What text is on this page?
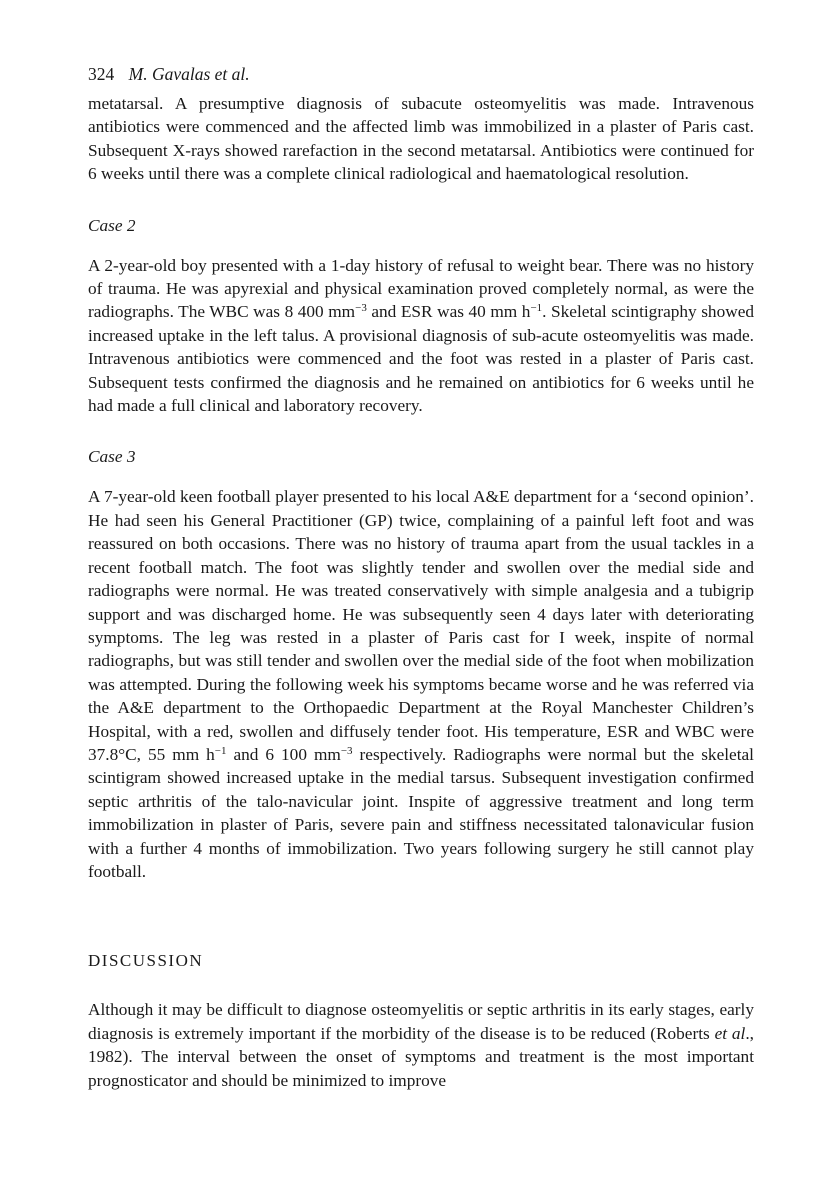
324 M. Gavalas et al.

metatarsal. A presumptive diagnosis of subacute osteomyelitis was made. Intravenous antibiotics were commenced and the affected limb was immobilized in a plaster of Paris cast. Subsequent X-rays showed rarefaction in the second metatarsal. Antibiotics were continued for 6 weeks until there was a complete clinical radiological and haematological resolution.

Case 2

A 2-year-old boy presented with a 1-day history of refusal to weight bear. There was no history of trauma. He was apyrexial and physical examination proved completely normal, as were the radiographs. The WBC was 8 400 $mm^{-3}$ and ESR was 40 mm $h^{-1}$. Skeletal scintigraphy showed increased uptake in the left talus. A provisional diagnosis of sub-acute osteomyelitis was made. Intravenous antibiotics were commenced and the foot was rested in a plaster of Paris cast. Subsequent tests confirmed the diagnosis and he remained on antibiotics for 6 weeks until he had made a full clinical and laboratory recovery.

Case 3

A 7-year-old keen football player presented to his local A&E department for a ‘second opinion’. He had seen his General Practitioner (GP) twice, complaining of a painful left foot and was reassured on both occasions. There was no history of trauma apart from the usual tackles in a recent football match. The foot was slightly tender and swollen over the medial side and radiographs were normal. He was treated conservatively with simple analgesia and a tubigrip support and was discharged home. He was subsequently seen 4 days later with deteriorating symptoms. The leg was rested in a plaster of Paris cast for I week, inspite of normal radiographs, but was still tender and swollen over the medial side of the foot when mobilization was attempted. During the following week his symptoms became worse and he was referred via the A&E department to the Orthopaedic Department at the Royal Manchester Children’s Hospital, with a red, swollen and diffusely tender foot. His temperature, ESR and WBC were 37.8°C, 55 mm $h^{-1}$ and 6 100 $mm^{-3}$ respectively. Radiographs were normal but the skeletal scintigram showed increased uptake in the medial tarsus. Subsequent investigation confirmed septic arthritis of the talo-navicular joint. Inspite of aggressive treatment and long term immobilization in plaster of Paris, severe pain and stiffness necessitated talonavicular fusion with a further 4 months of immobilization. Two years following surgery he still cannot play football.

DISCUSSION

Although it may be difficult to diagnose osteomyelitis or septic arthritis in its early stages, early diagnosis is extremely important if the morbidity of the disease is to be reduced (Roberts et al., 1982). The interval between the onset of symptoms and treatment is the most important prognosticator and should be minimized to improve
